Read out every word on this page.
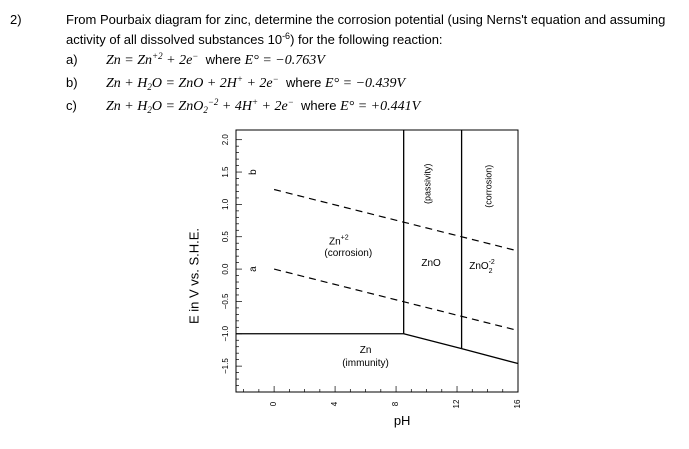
2)	From Pourbaix diagram for zinc, determine the corrosion potential (using Nerns't equation and assuming activity of all dissolved substances $10^{-6}$) for the following reaction:
a) $Zn = Zn^{+2} + 2e^-$ where E° = −0.763V
b) $Zn + H_2O$ = ZnO + 2H+ + 2e− where E° = −0.439V
c) $Zn + H_2O = ZnO_2^{-2} + 4H^+ + 2e^-$ where E° = +0.441V
2.0
1.5
1.0
0.5
0.0
−0.5
−1.0
−1.5
0	4	8	12	16
E in V vs. S.H.E.
pH
b
a
$Zn^{+2}$
(corrosion)
ZnO	ZnO$_2$-2
Zn
(immunity)
(passivity)	(corrosion)
